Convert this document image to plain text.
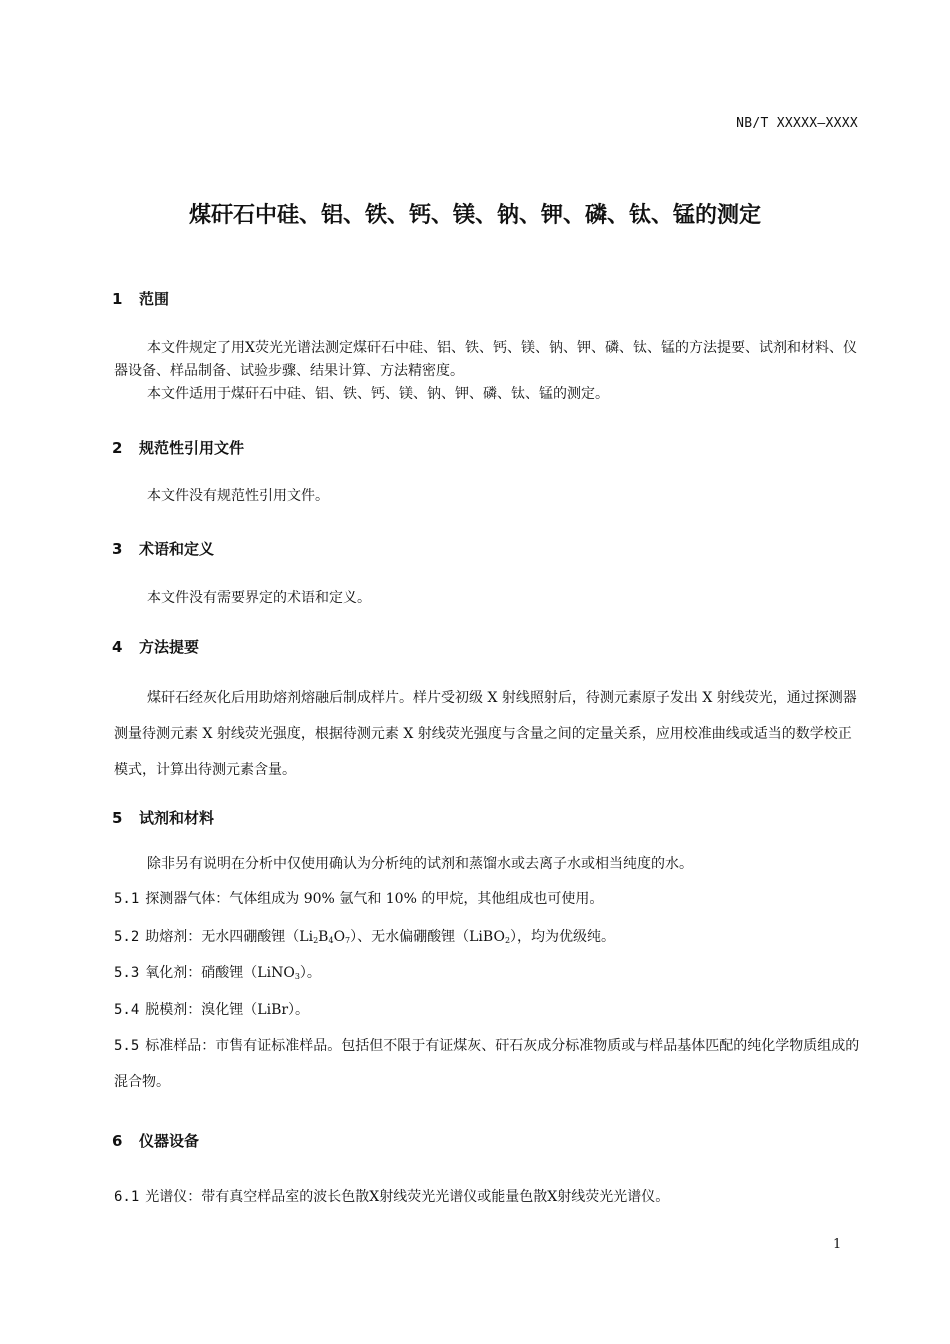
NB/T XXXXX—XXXX
煤矸石中硅、铝、铁、钙、镁、钠、钾、磷、钛、锰的测定
1 范围
本文件规定了用X荧光光谱法测定煤矸石中硅、铝、铁、钙、镁、钠、钾、磷、钛、锰的方法提要、试剂和材料、仪器设备、样品制备、试验步骤、结果计算、方法精密度。
本文件适用于煤矸石中硅、铝、铁、钙、镁、钠、钾、磷、钛、锰的测定。
2 规范性引用文件
本文件没有规范性引用文件。
3 术语和定义
本文件没有需要界定的术语和定义。
4 方法提要
煤矸石经灰化后用助熔剂熔融后制成样片。样片受初级 X 射线照射后，待测元素原子发出 X 射线荧光，通过探测器测量待测元素 X 射线荧光强度，根据待测元素 X 射线荧光强度与含量之间的定量关系，应用校准曲线或适当的数学校正模式，计算出待测元素含量。
5 试剂和材料
除非另有说明在分析中仅使用确认为分析纯的试剂和蒸馏水或去离子水或相当纯度的水。
5.1 探测器气体：气体组成为 90% 氩气和 10% 的甲烷，其他组成也可使用。
5.2 助熔剂：无水四硼酸锂$(Li_2B_4O_7)$、无水偏硼酸锂（LiBO$_2$），均为优级纯。
5.3 氧化剂：硝酸锂（LiNO$_3$）。
5.4 脱模剂：溴化锂（LiBr）。
5.5 标准样品：市售有证标准样品。包括但不限于有证煤灰、矸石灰成分标准物质或与样品基体匹配的纯化学物质组成的混合物。
6 仪器设备
6.1 光谱仪：带有真空样品室的波长色散X射线荧光光谱仪或能量色散X射线荧光光谱仪。
1
